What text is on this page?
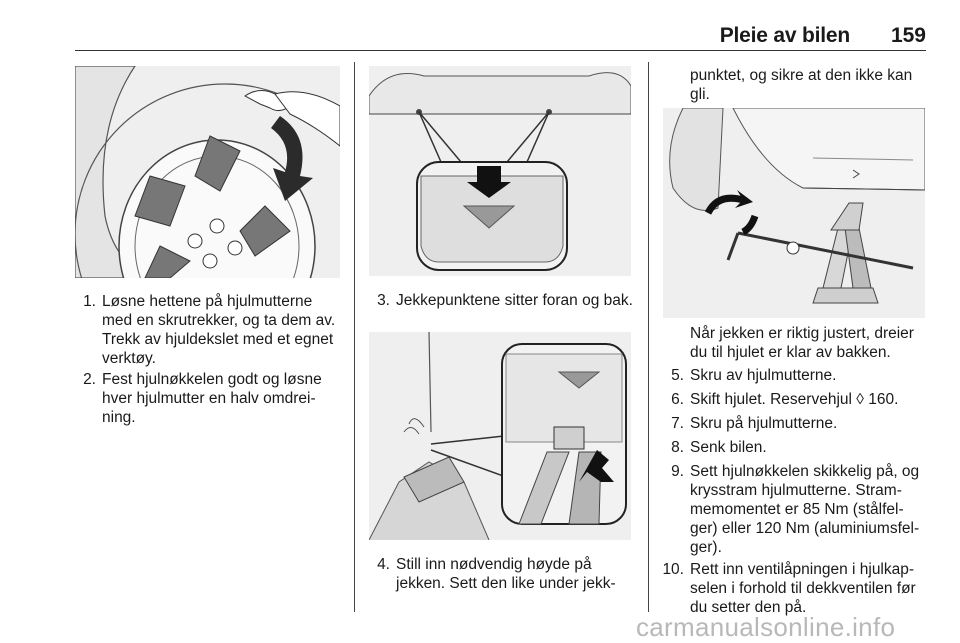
Pleie av bilen	159
1. Løsne hettene på hjulmutterne med en skrutrekker, og ta dem av. Trekk av hjuldekslet med et egnet verktøy.
2. Fest hjulnøkkelen godt og løsne hver hjulmutter en halv omdrei-ning.
3. Jekkepunktene sitter foran og bak.
4. Still inn nødvendig høyde på jekken. Sett den like under jekk-
punktet, og sikre at den ikke kan gli.
Når jekken er riktig justert, dreier du til hjulet er klar av bakken.
5. Skru av hjulmutterne.
6. Skift hjulet. Reservehjul ◊ 160.
7. Skru på hjulmutterne.
8. Senk bilen.
9. Sett hjulnøkkelen skikkelig på, og krysstram hjulmutterne. Stram-memomentet er 85 Nm (stålfel-ger) eller 120 Nm (aluminiumsfel-ger).
10. Rett inn ventilåpningen i hjulkap-selen i forhold til dekkventilen før du setter den på.
carmanualsonline.info
